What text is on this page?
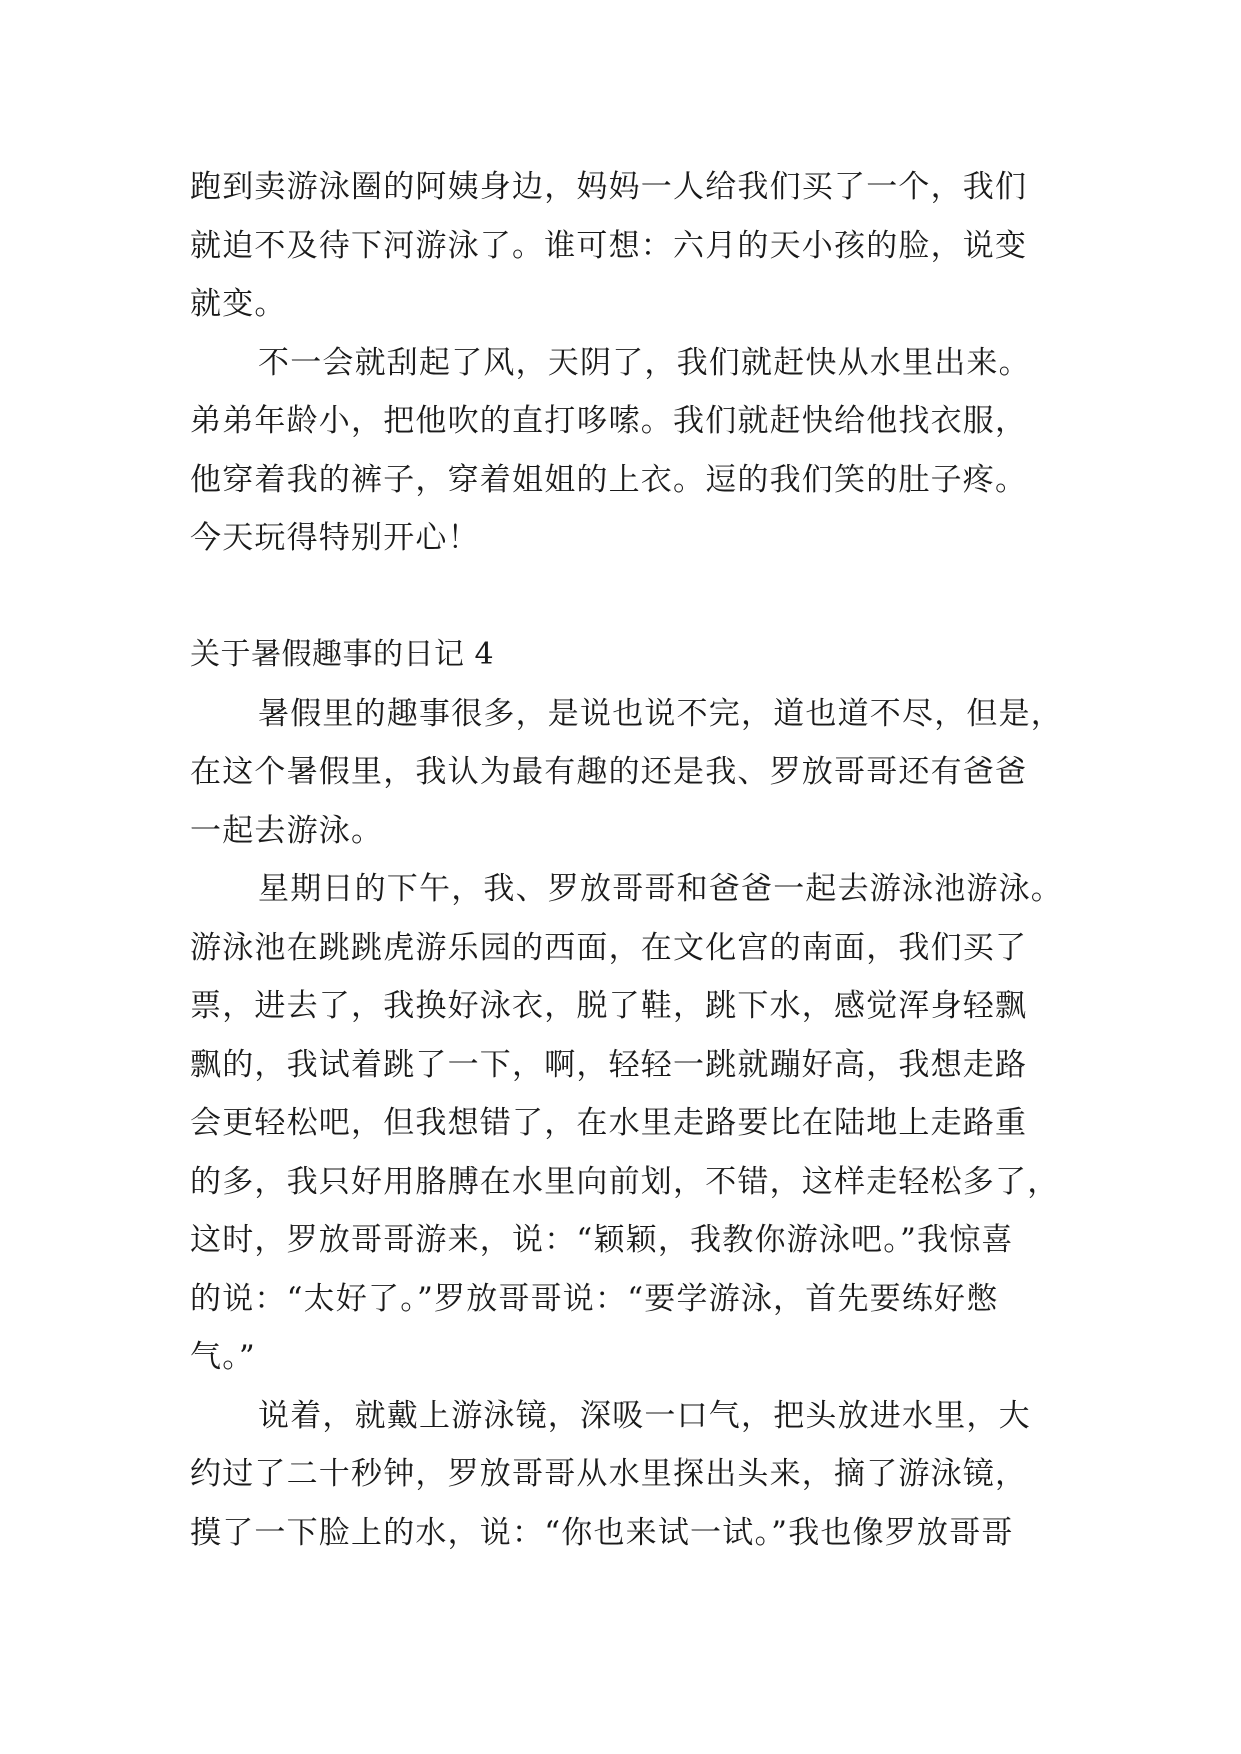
跑到卖游泳圈的阿姨身边，妈妈一人给我们买了一个，我们
就迫不及待下河游泳了。谁可想：六月的天小孩的脸，说变
就变。
不一会就刮起了风，天阴了，我们就赶快从水里出来。
弟弟年龄小，把他吹的直打哆嗦。我们就赶快给他找衣服，
他穿着我的裤子，穿着姐姐的上衣。逗的我们笑的肚子疼。
今天玩得特别开心！
关于暑假趣事的日记 4
暑假里的趣事很多，是说也说不完，道也道不尽，但是，
在这个暑假里，我认为最有趣的还是我、罗放哥哥还有爸爸
一起去游泳。
星期日的下午，我、罗放哥哥和爸爸一起去游泳池游泳。
游泳池在跳跳虎游乐园的西面，在文化宫的南面，我们买了
票，进去了，我换好泳衣，脱了鞋，跳下水，感觉浑身轻飘
飘的，我试着跳了一下，啊，轻轻一跳就蹦好高，我想走路
会更轻松吧，但我想错了，在水里走路要比在陆地上走路重
的多，我只好用胳膊在水里向前划，不错，这样走轻松多了，
这时，罗放哥哥游来，说：“颖颖，我教你游泳吧。”我惊喜
的说：“太好了。”罗放哥哥说：“要学游泳，首先要练好憋
气。”
说着，就戴上游泳镜，深吸一口气，把头放进水里，大
约过了二十秒钟，罗放哥哥从水里探出头来，摘了游泳镜，
摸了一下脸上的水，说：“你也来试一试。”我也像罗放哥哥
